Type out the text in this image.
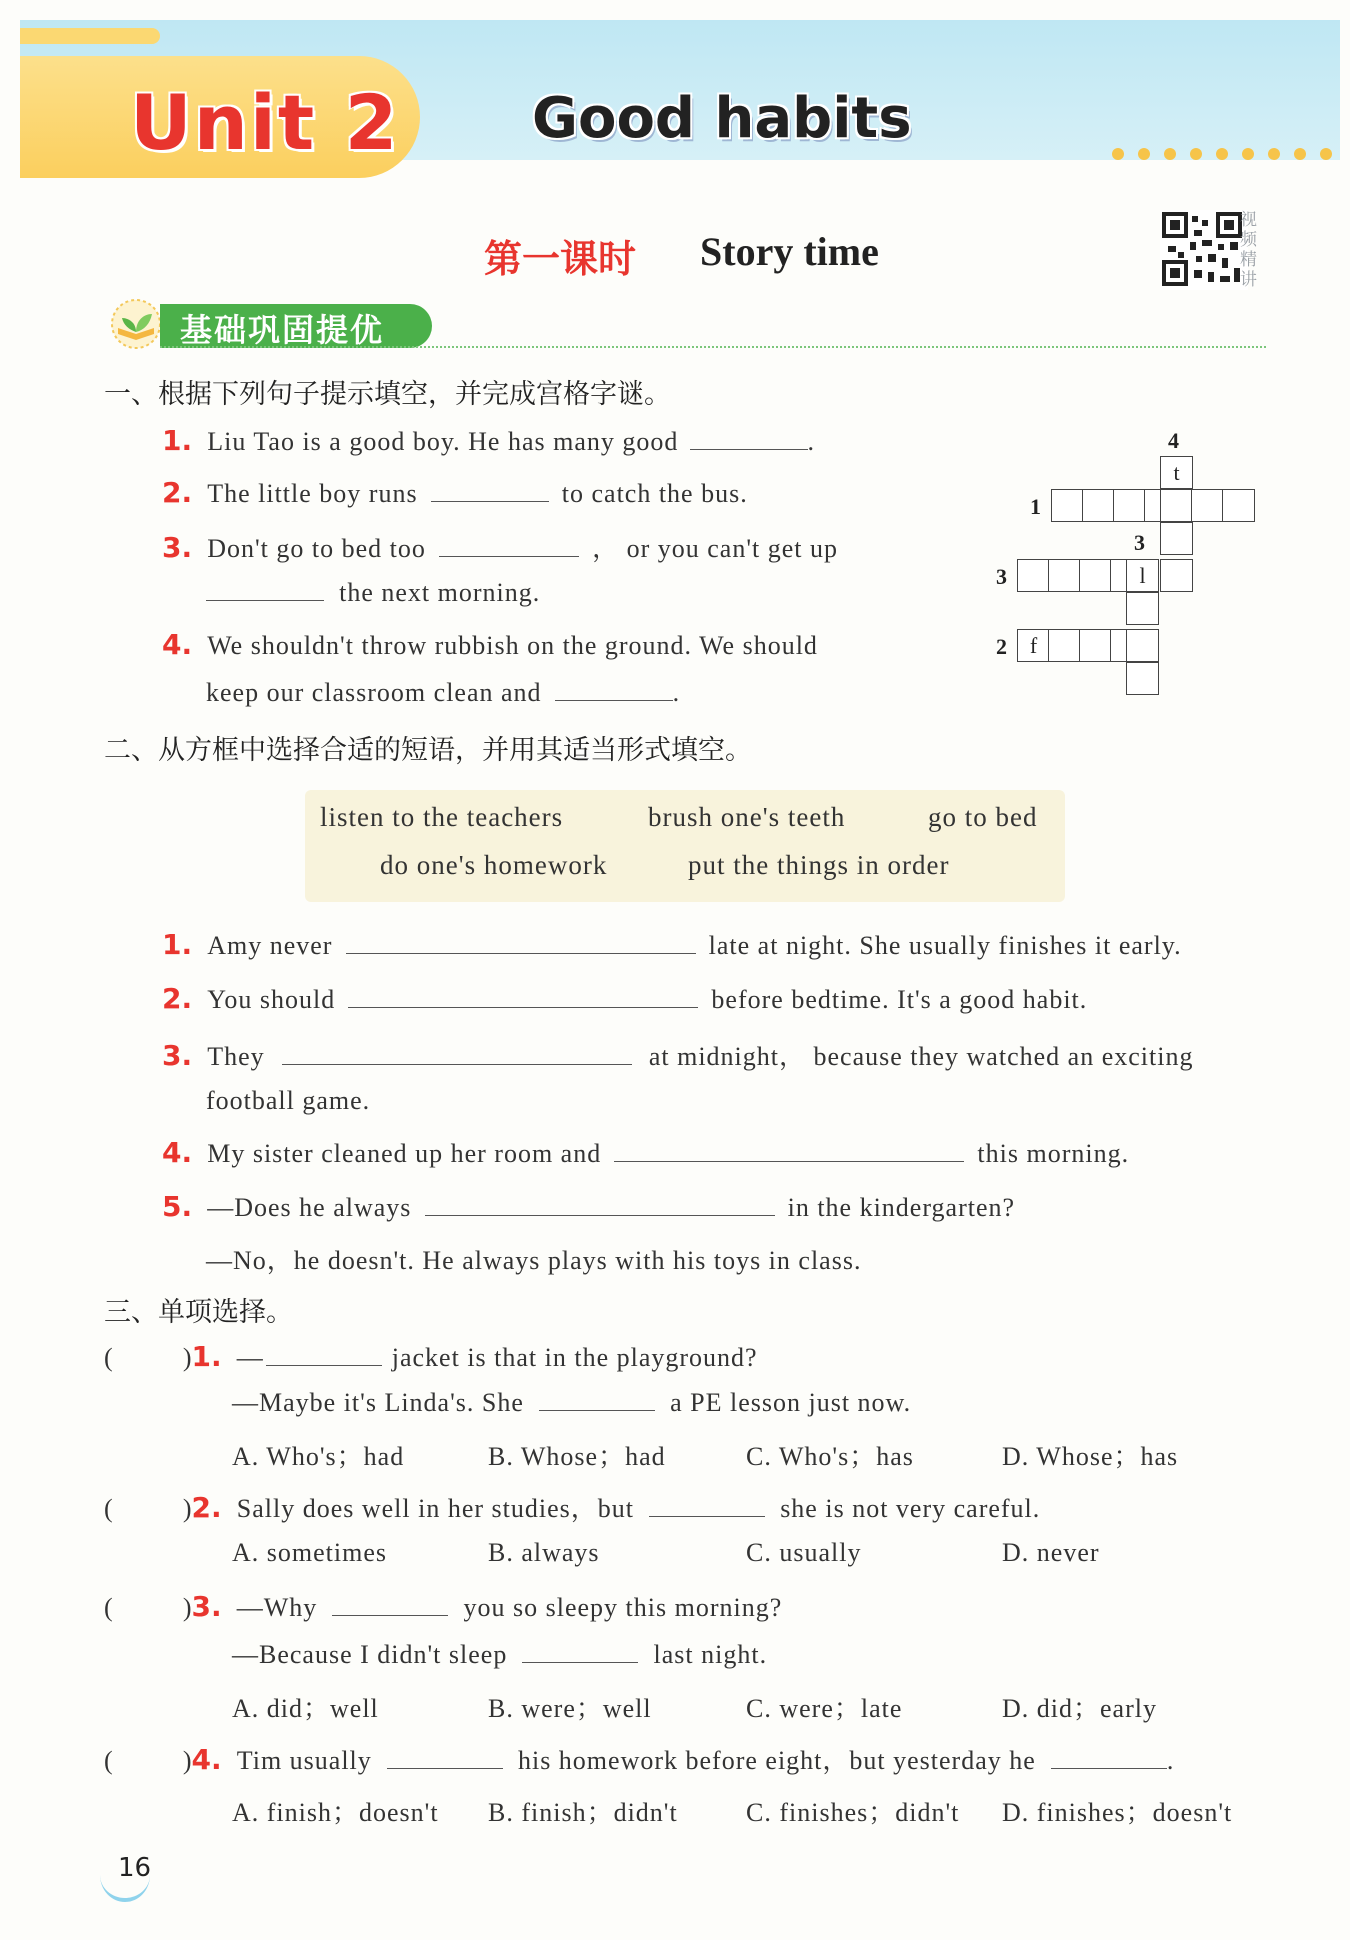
Unit 2 Good habits
第一课时 Story time
视频精讲
基础巩固提优
一、根据下列句子提示填空，并完成宫格字谜。
1. Liu Tao is a good boy. He has many good	.
2. The little boy runs	to catch the bus.
3. Don't go to bed too	， or you can't get up
the next morning.
4. We shouldn't throw rubbish on the ground. We should
keep our classroom clean and	.
4
1
3
3
2
t
l
f
二、从方框中选择合适的短语，并用其适当形式填空。
listen to the teachers	brush one's teeth	go to bed
do one's homework	put the things in order
1. Amy never	late at night. She usually finishes it early.
2. You should	before bedtime. It's a good habit.
3. They	at midnight， because they watched an exciting
football game.
4. My sister cleaned up her room and	this morning.
5. —Does he always	in the kindergarten?
—No，he doesn't. He always plays with his toys in class.
三、单项选择。
(	)1. —	jacket is that in the playground?
—Maybe it's Linda's. She	a PE lesson just now.
A. Who's；had	B. Whose；had	C. Who's；has	D. Whose；has
(	)2. Sally does well in her studies，but	she is not very careful.
A. sometimes	B. always	C. usually	D. never
(	)3. —Why	you so sleepy this morning?
—Because I didn't sleep	last night.
A. did；well	B. were；well	C. were；late	D. did；early
(	)4. Tim usually	his homework before eight，but yesterday he	.
A. finish；doesn't B. finish；didn't	C. finishes；didn't D. finishes；doesn't
16
